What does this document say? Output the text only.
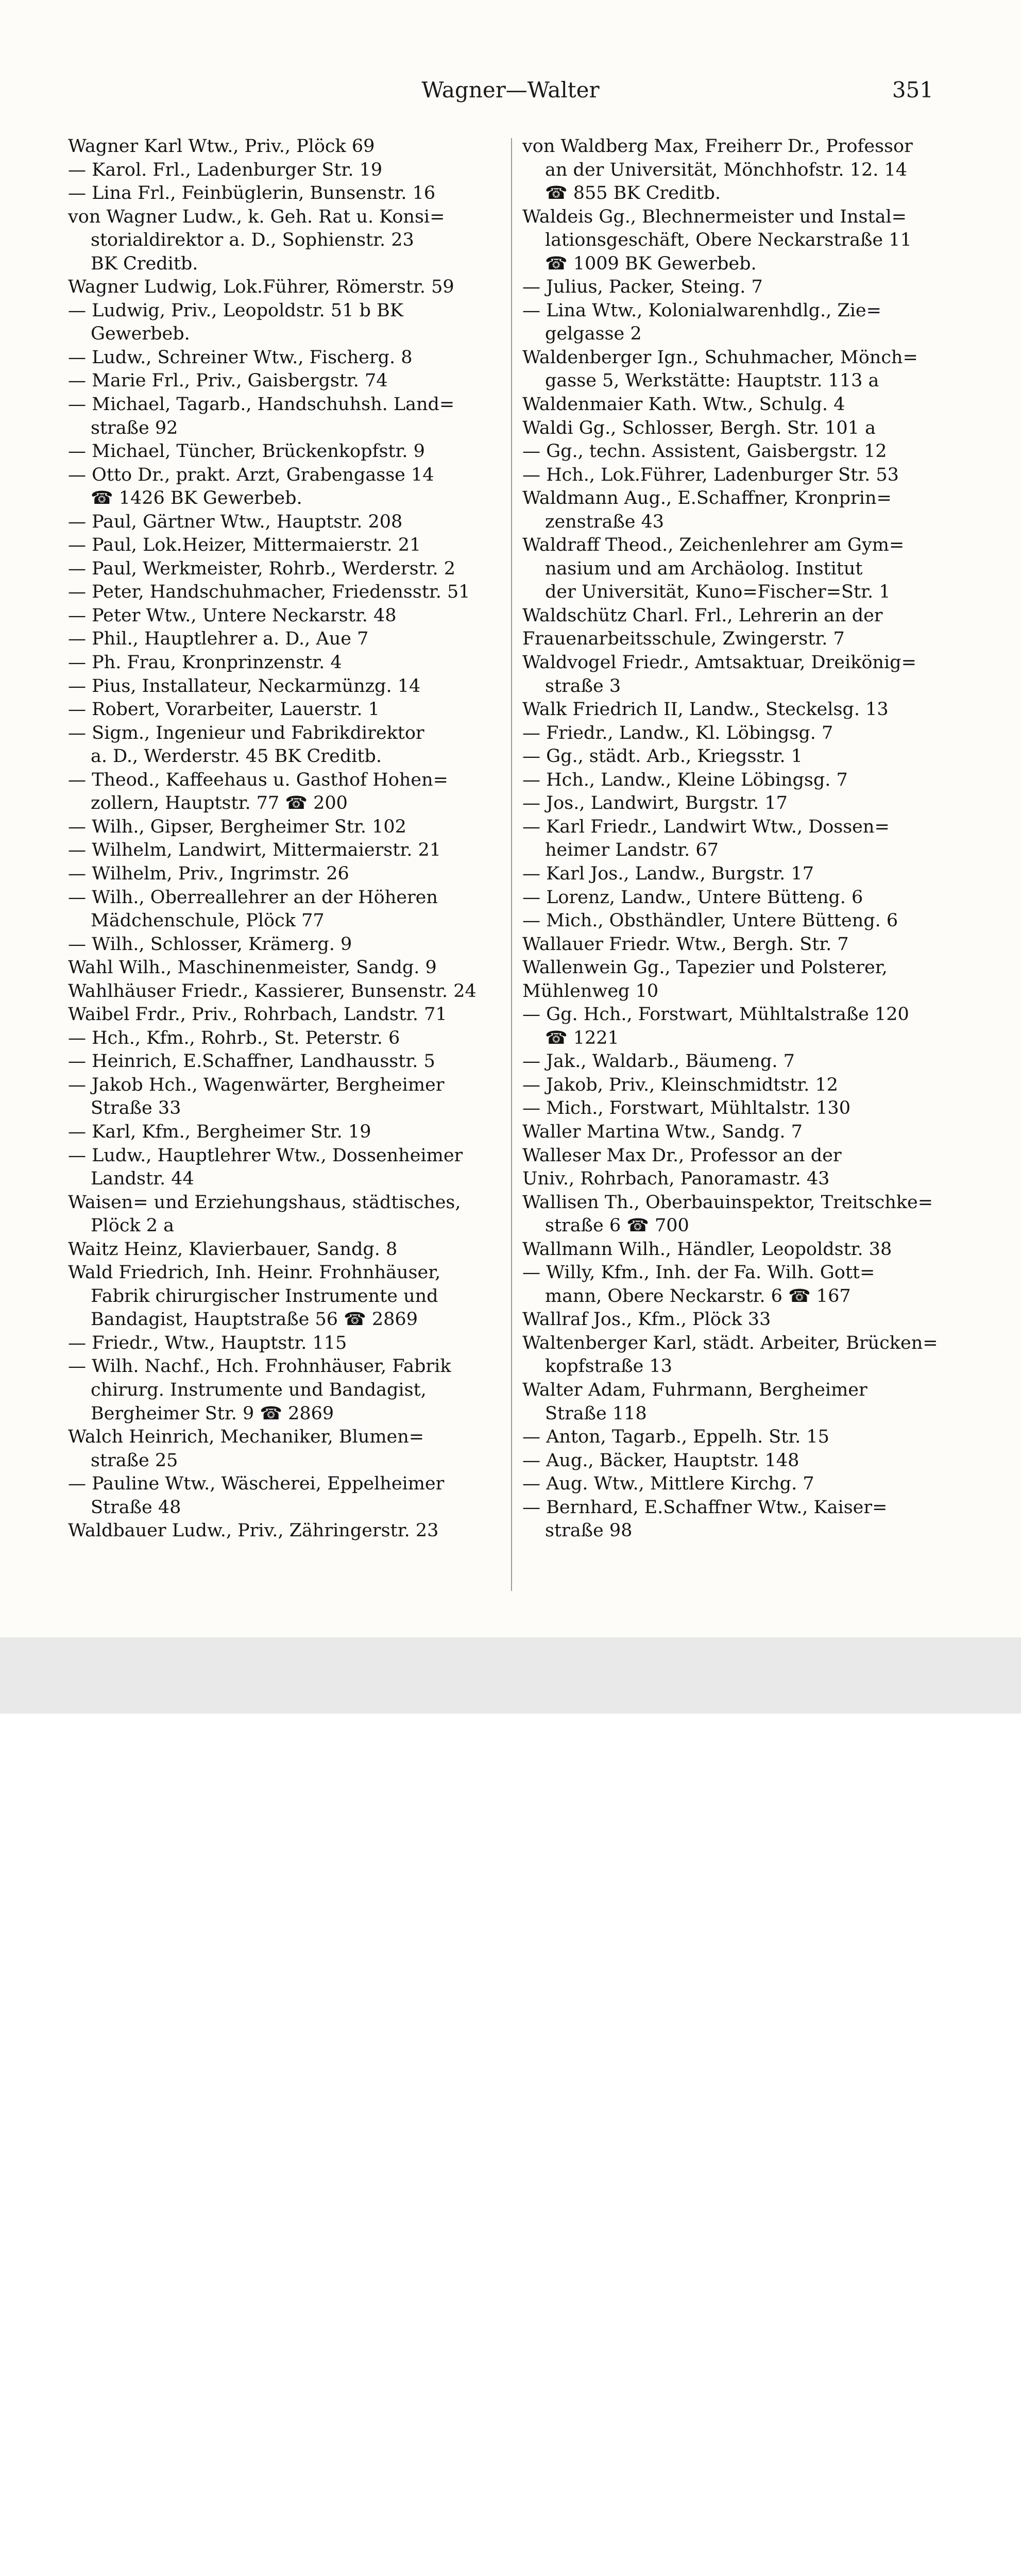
Wagner—Walter	351
Wagner Karl Wtw., Priv., Plöck 69
— Karol. Frl., Ladenburger Str. 19
— Lina Frl., Feinbüglerin, Bunsenstr. 16
von Wagner Ludw., k. Geh. Rat u. Konsi=
storialdirektor a. D., Sophienstr. 23
BK Creditb.
Wagner Ludwig, Lok.Führer, Römerstr. 59
— Ludwig, Priv., Leopoldstr. 51 b BK
Gewerbeb.
— Ludw., Schreiner Wtw., Fischerg. 8
— Marie Frl., Priv., Gaisbergstr. 74
— Michael, Tagarb., Handschuhsh. Land=
straße 92
— Michael, Tüncher, Brückenkopfstr. 9
— Otto Dr., prakt. Arzt, Grabengasse 14
☎ 1426 BK Gewerbeb.
— Paul, Gärtner Wtw., Hauptstr. 208
— Paul, Lok.Heizer, Mittermaierstr. 21
— Paul, Werkmeister, Rohrb., Werderstr. 2
— Peter, Handschuhmacher, Friedensstr. 51
— Peter Wtw., Untere Neckarstr. 48
— Phil., Hauptlehrer a. D., Aue 7
— Ph. Frau, Kronprinzenstr. 4
— Pius, Installateur, Neckarmünzg. 14
— Robert, Vorarbeiter, Lauerstr. 1
— Sigm., Ingenieur und Fabrikdirektor
a. D., Werderstr. 45 BK Creditb.
— Theod., Kaffeehaus u. Gasthof Hohen=
zollern, Hauptstr. 77 ☎ 200
— Wilh., Gipser, Bergheimer Str. 102
— Wilhelm, Landwirt, Mittermaierstr. 21
— Wilhelm, Priv., Ingrimstr. 26
— Wilh., Oberreallehrer an der Höheren
Mädchenschule, Plöck 77
— Wilh., Schlosser, Krämerg. 9
Wahl Wilh., Maschinenmeister, Sandg. 9
Wahlhäuser Friedr., Kassierer, Bunsenstr. 24
Waibel Frdr., Priv., Rohrbach, Landstr. 71
— Hch., Kfm., Rohrb., St. Peterstr. 6
— Heinrich, E.Schaffner, Landhausstr. 5
— Jakob Hch., Wagenwärter, Bergheimer
Straße 33
— Karl, Kfm., Bergheimer Str. 19
— Ludw., Hauptlehrer Wtw., Dossenheimer
Landstr. 44
Waisen= und Erziehungshaus, städtisches,
Plöck 2 a
Waitz Heinz, Klavierbauer, Sandg. 8
Wald Friedrich, Inh. Heinr. Frohnhäuser,
Fabrik chirurgischer Instrumente und
Bandagist, Hauptstraße 56 ☎ 2869
— Friedr., Wtw., Hauptstr. 115
— Wilh. Nachf., Hch. Frohnhäuser, Fabrik
chirurg. Instrumente und Bandagist,
Bergheimer Str. 9 ☎ 2869
Walch Heinrich, Mechaniker, Blumen=
straße 25
— Pauline Wtw., Wäscherei, Eppelheimer
Straße 48
Waldbauer Ludw., Priv., Zähringerstr. 23
von Waldberg Max, Freiherr Dr., Professor
an der Universität, Mönchhofstr. 12. 14
☎ 855 BK Creditb.
Waldeis Gg., Blechnermeister und Instal=
lationsgeschäft, Obere Neckarstraße 11
☎ 1009 BK Gewerbeb.
— Julius, Packer, Steing. 7
— Lina Wtw., Kolonialwarenhdlg., Zie=
gelgasse 2
Waldenberger Ign., Schuhmacher, Mönch=
gasse 5, Werkstätte: Hauptstr. 113 a
Waldenmaier Kath. Wtw., Schulg. 4
Waldi Gg., Schlosser, Bergh. Str. 101 a
— Gg., techn. Assistent, Gaisbergstr. 12
— Hch., Lok.Führer, Ladenburger Str. 53
Waldmann Aug., E.Schaffner, Kronprin=
zenstraße 43
Waldraff Theod., Zeichenlehrer am Gym=
nasium und am Archäolog. Institut
der Universität, Kuno=Fischer=Str. 1
Waldschütz Charl. Frl., Lehrerin an der
Frauenarbeitsschule, Zwingerstr. 7
Waldvogel Friedr., Amtsaktuar, Dreikönig=
straße 3
Walk Friedrich II, Landw., Steckelsg. 13
— Friedr., Landw., Kl. Löbingsg. 7
— Gg., städt. Arb., Kriegsstr. 1
— Hch., Landw., Kleine Löbingsg. 7
— Jos., Landwirt, Burgstr. 17
— Karl Friedr., Landwirt Wtw., Dossen=
heimer Landstr. 67
— Karl Jos., Landw., Burgstr. 17
— Lorenz, Landw., Untere Bütteng. 6
— Mich., Obsthändler, Untere Bütteng. 6
Wallauer Friedr. Wtw., Bergh. Str. 7
Wallenwein Gg., Tapezier und Polsterer,
Mühlenweg 10
— Gg. Hch., Forstwart, Mühltalstraße 120
☎ 1221
— Jak., Waldarb., Bäumeng. 7
— Jakob, Priv., Kleinschmidtstr. 12
— Mich., Forstwart, Mühltalstr. 130
Waller Martina Wtw., Sandg. 7
Walleser Max Dr., Professor an der
Univ., Rohrbach, Panoramastr. 43
Wallisen Th., Oberbauinspektor, Treitschke=
straße 6 ☎ 700
Wallmann Wilh., Händler, Leopoldstr. 38
— Willy, Kfm., Inh. der Fa. Wilh. Gott=
mann, Obere Neckarstr. 6 ☎ 167
Wallraf Jos., Kfm., Plöck 33
Waltenberger Karl, städt. Arbeiter, Brücken=
kopfstraße 13
Walter Adam, Fuhrmann, Bergheimer
Straße 118
— Anton, Tagarb., Eppelh. Str. 15
— Aug., Bäcker, Hauptstr. 148
— Aug. Wtw., Mittlere Kirchg. 7
— Bernhard, E.Schaffner Wtw., Kaiser=
straße 98
